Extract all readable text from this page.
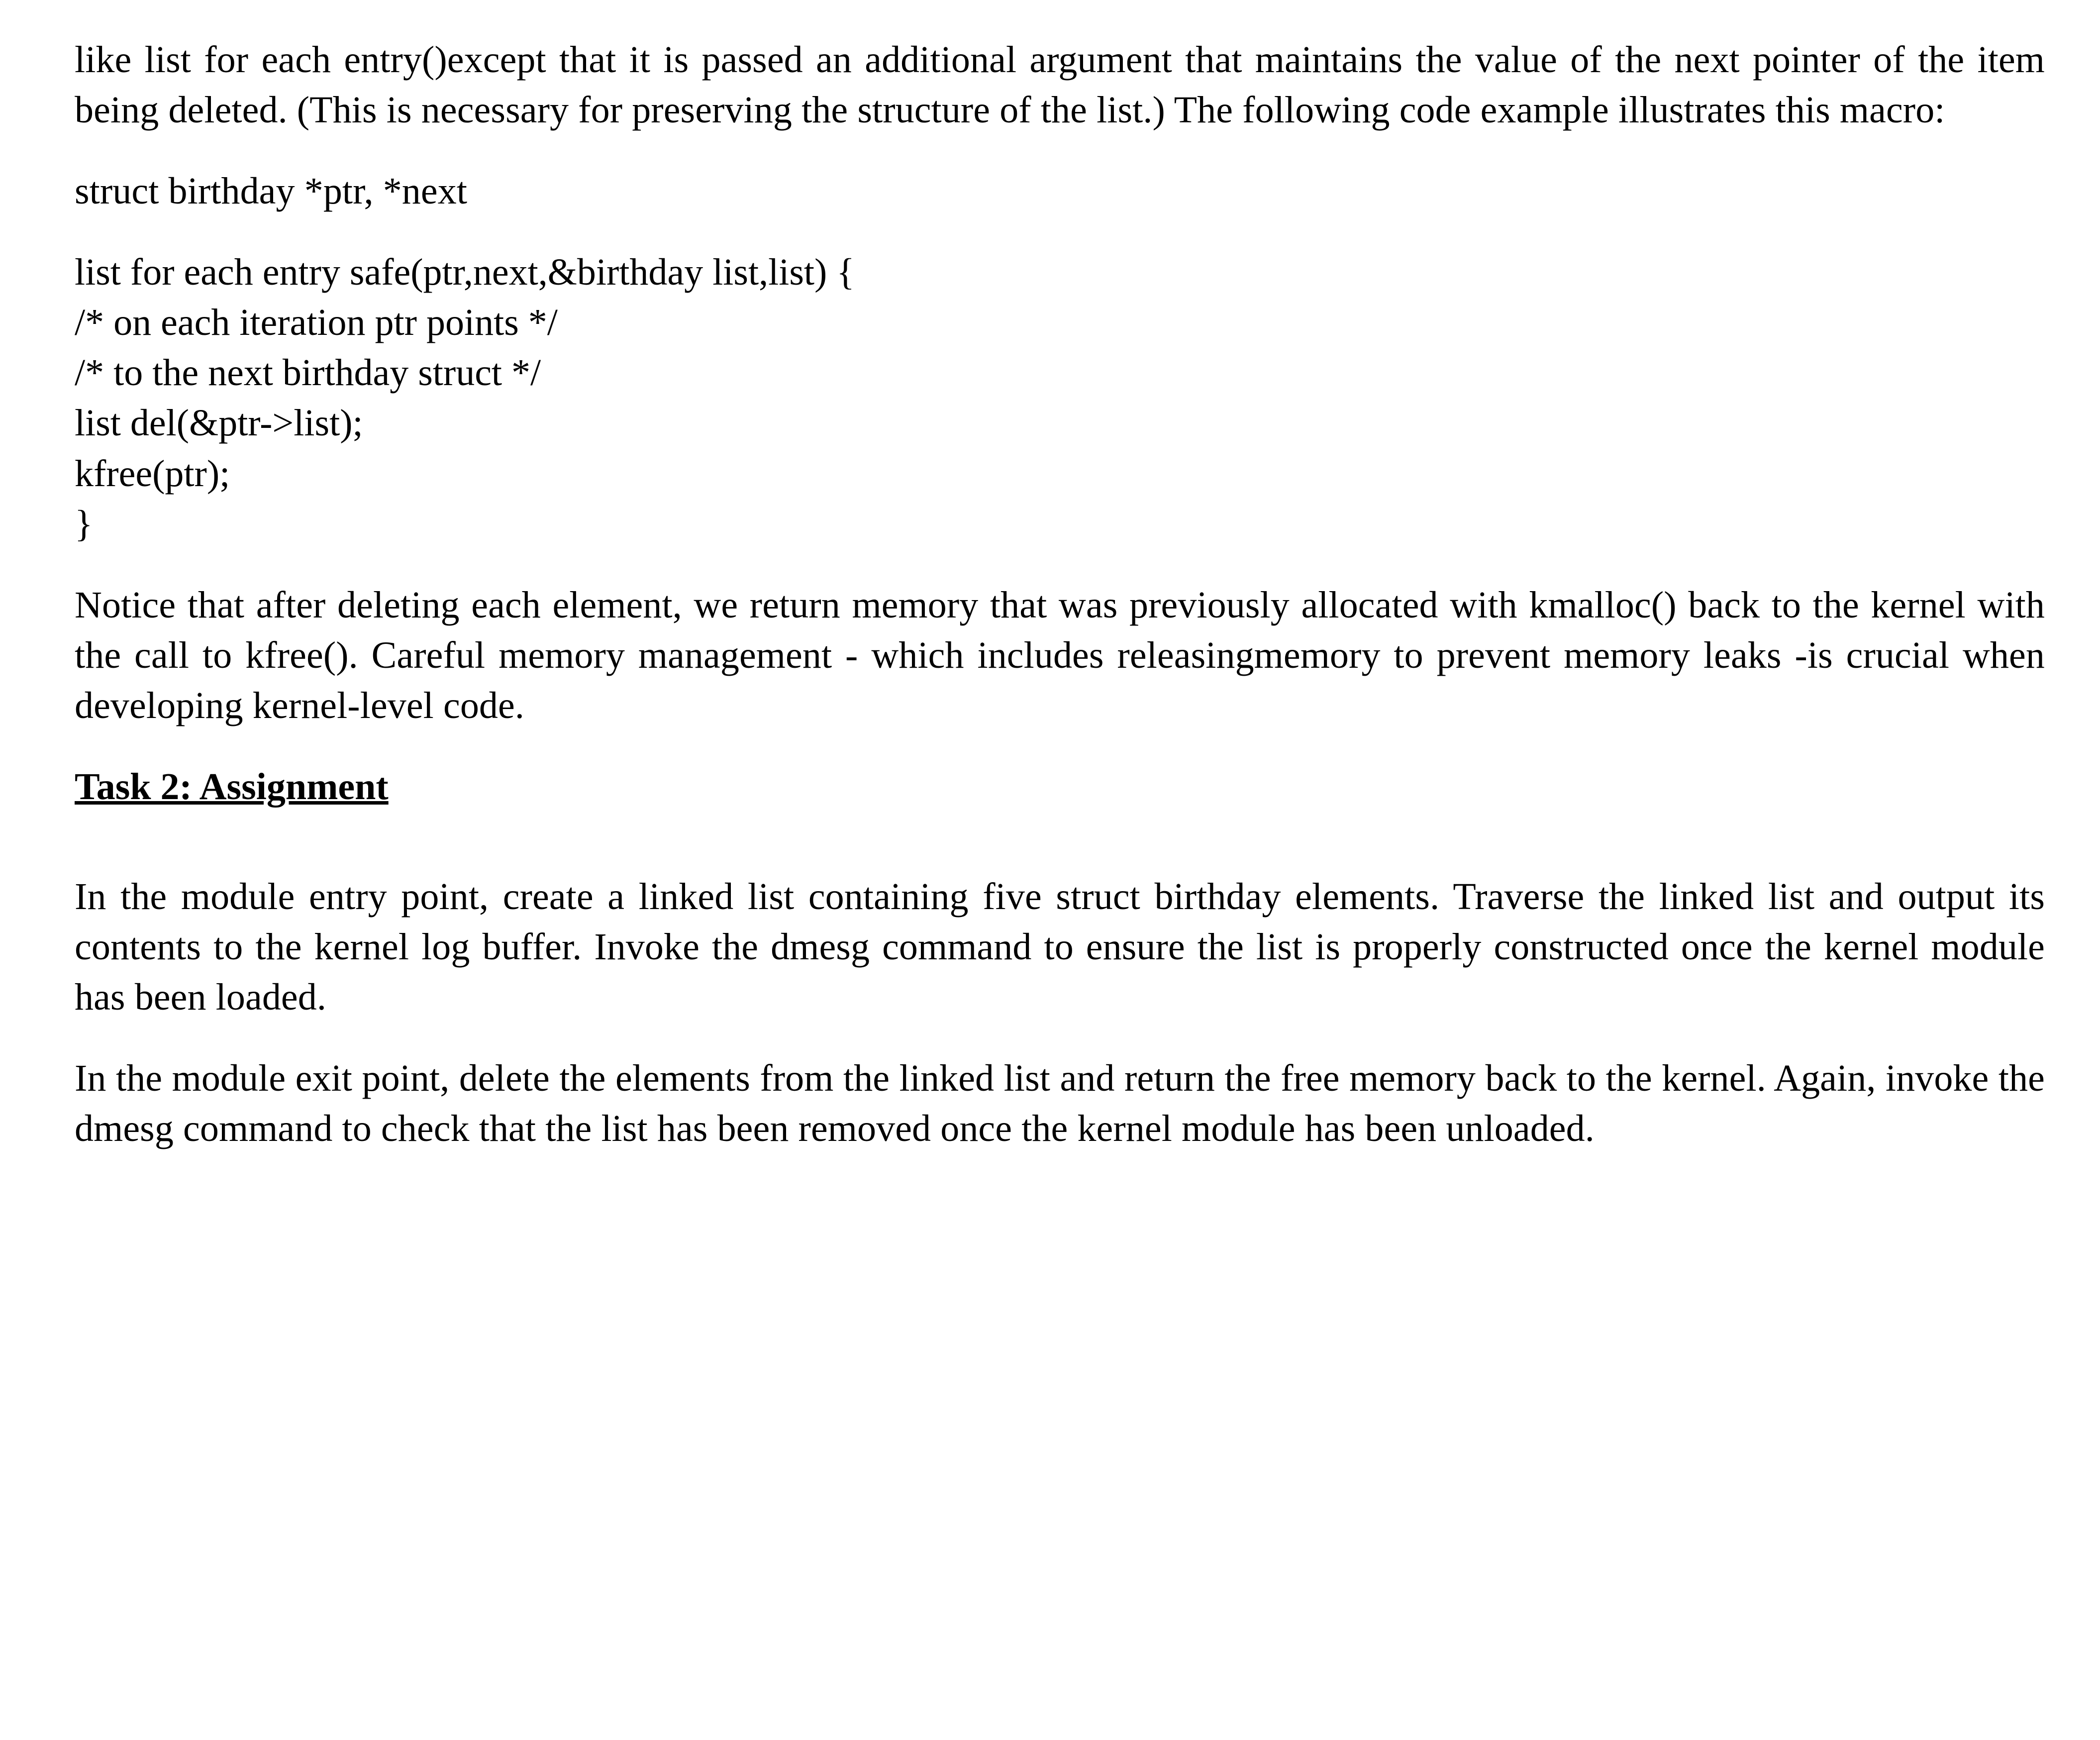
like list for each entry()except that it is passed an additional argument that maintains the value of the next pointer of the item being deleted. (This is necessary for preserving the structure of the list.) The following code example illustrates this macro:

struct birthday *ptr, *next

list for each entry safe(ptr,next,&birthday list,list) {
/* on each iteration ptr points */
/* to the next birthday struct */
list del(&ptr->list);
kfree(ptr);
}

Notice that after deleting each element, we return memory that was previously allocated with kmalloc() back to the kernel with the call to kfree(). Careful memory management - which includes releasingmemory to prevent memory leaks -is crucial when developing kernel-level code.

Task 2: Assignment

In the module entry point, create a linked list containing five struct birthday elements. Traverse the linked list and output its contents to the kernel log buffer. Invoke the dmesg command to ensure the list is properly constructed once the kernel module has been loaded.

In the module exit point, delete the elements from the linked list and return the free memory back to the kernel. Again, invoke the dmesg command to check that the list has been removed once the kernel module has been unloaded.
